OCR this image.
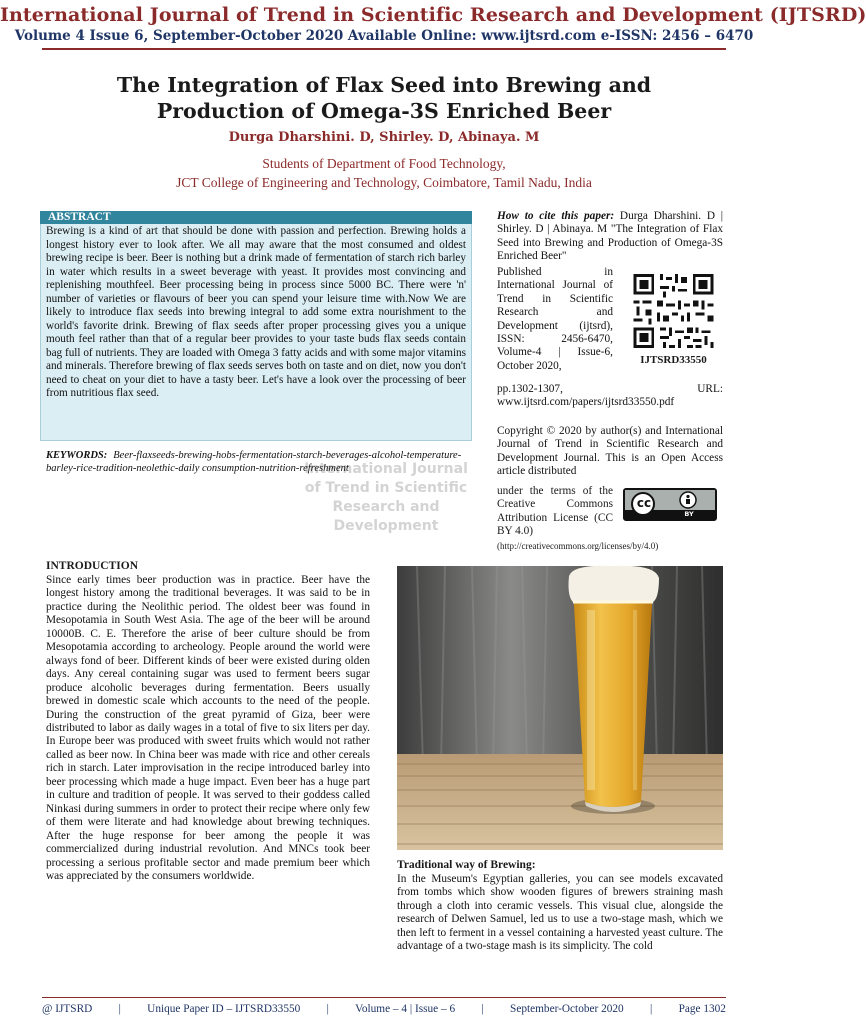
International Journal of Trend in Scientific Research and Development (IJTSRD)
Volume 4 Issue 6, September-October 2020 Available Online: www.ijtsrd.com e-ISSN: 2456 – 6470
The Integration of Flax Seed into Brewing and
Production of Omega-3S Enriched Beer
Durga Dharshini. D, Shirley. D, Abinaya. M
Students of Department of Food Technology,
JCT College of Engineering and Technology, Coimbatore, Tamil Nadu, India
ABSTRACT
Brewing is a kind of art that should be done with passion and perfection. Brewing holds a longest history ever to look after. We all may aware that the most consumed and oldest brewing recipe is beer. Beer is nothing but a drink made of fermentation of starch rich barley in water which results in a sweet beverage with yeast. It provides most convincing and replenishing mouthfeel. Beer processing being in process since 5000 BC. There were 'n' number of varieties or flavours of beer you can spend your leisure time with.Now We are likely to introduce flax seeds into brewing integral to add some extra nourishment to the world's favorite drink. Brewing of flax seeds after proper processing gives you a unique mouth feel rather than that of a regular beer provides to your taste buds flax seeds contain bag full of nutrients. They are loaded with Omega 3 fatty acids and with some major vitamins and minerals. Therefore brewing of flax seeds serves both on taste and on diet, now you don't need to cheat on your diet to have a tasty beer. Let's have a look over the processing of beer from nutritious flax seed.
International Journal
of Trend in Scientific
Research and
Development
KEYWORDS: Beer-flaxseeds-brewing-hobs-fermentation-starch-beverages-alcohol-temperature-barley-rice-tradition-neolethic-daily consumption-nutrition-refreshment
How to cite this paper: Durga Dharshini. D | Shirley. D | Abinaya. M "The Integration of Flax Seed into Brewing and Production of Omega-3S Enriched Beer"
Published in International Journal of Trend in Scientific Research and Development (ijtsrd), ISSN: 2456-6470, Volume-4 | Issue-6, October 2020,
pp.1302-1307, URL: www.ijtsrd.com/papers/ijtsrd33550.pdf
IJTSRD33550
Copyright © 2020 by author(s) and International Journal of Trend in Scientific Research and Development Journal. This is an Open Access article distributed
under the terms of the Creative Commons Attribution License (CC BY 4.0)
cc
BY
(http://creativecommons.org/licenses/by/4.0)
INTRODUCTION
Since early times beer production was in practice. Beer have the longest history among the traditional beverages. It was said to be in practice during the Neolithic period. The oldest beer was found in Mesopotamia in South West Asia. The age of the beer will be around 10000B. C. E. Therefore the arise of beer culture should be from Mesopotamia according to archeology. People around the world were always fond of beer. Different kinds of beer were existed during olden days. Any cereal containing sugar was used to ferment beers sugar produce alcoholic beverages during fermentation. Beers usually brewed in domestic scale which accounts to the need of the people. During the construction of the great pyramid of Giza, beer were distributed to labor as daily wages in a total of five to six liters per day. In Europe beer was produced with sweet fruits which would not rather called as beer now. In China beer was made with rice and other cereals rich in starch. Later improvisation in the recipe introduced barley into beer processing which made a huge impact. Even beer has a huge part in culture and tradition of people. It was served to their goddess called Ninkasi during summers in order to protect their recipe where only few of them were literate and had knowledge about brewing techniques. After the huge response for beer among the people it was commercialized during industrial revolution. And MNCs took beer processing a serious profitable sector and made premium beer which was appreciated by the consumers worldwide.
Traditional way of Brewing:
In the Museum's Egyptian galleries, you can see models excavated from tombs which show wooden figures of brewers straining mash through a cloth into ceramic vessels. This visual clue, alongside the research of Delwen Samuel, led us to use a two-stage mash, which we then left to ferment in a vessel containing a harvested yeast culture. The advantage of a two-stage mash is its simplicity. The cold
@ IJTSRD | Unique Paper ID – IJTSRD33550 | Volume – 4 | Issue – 6 | September-October 2020 | Page 1302
